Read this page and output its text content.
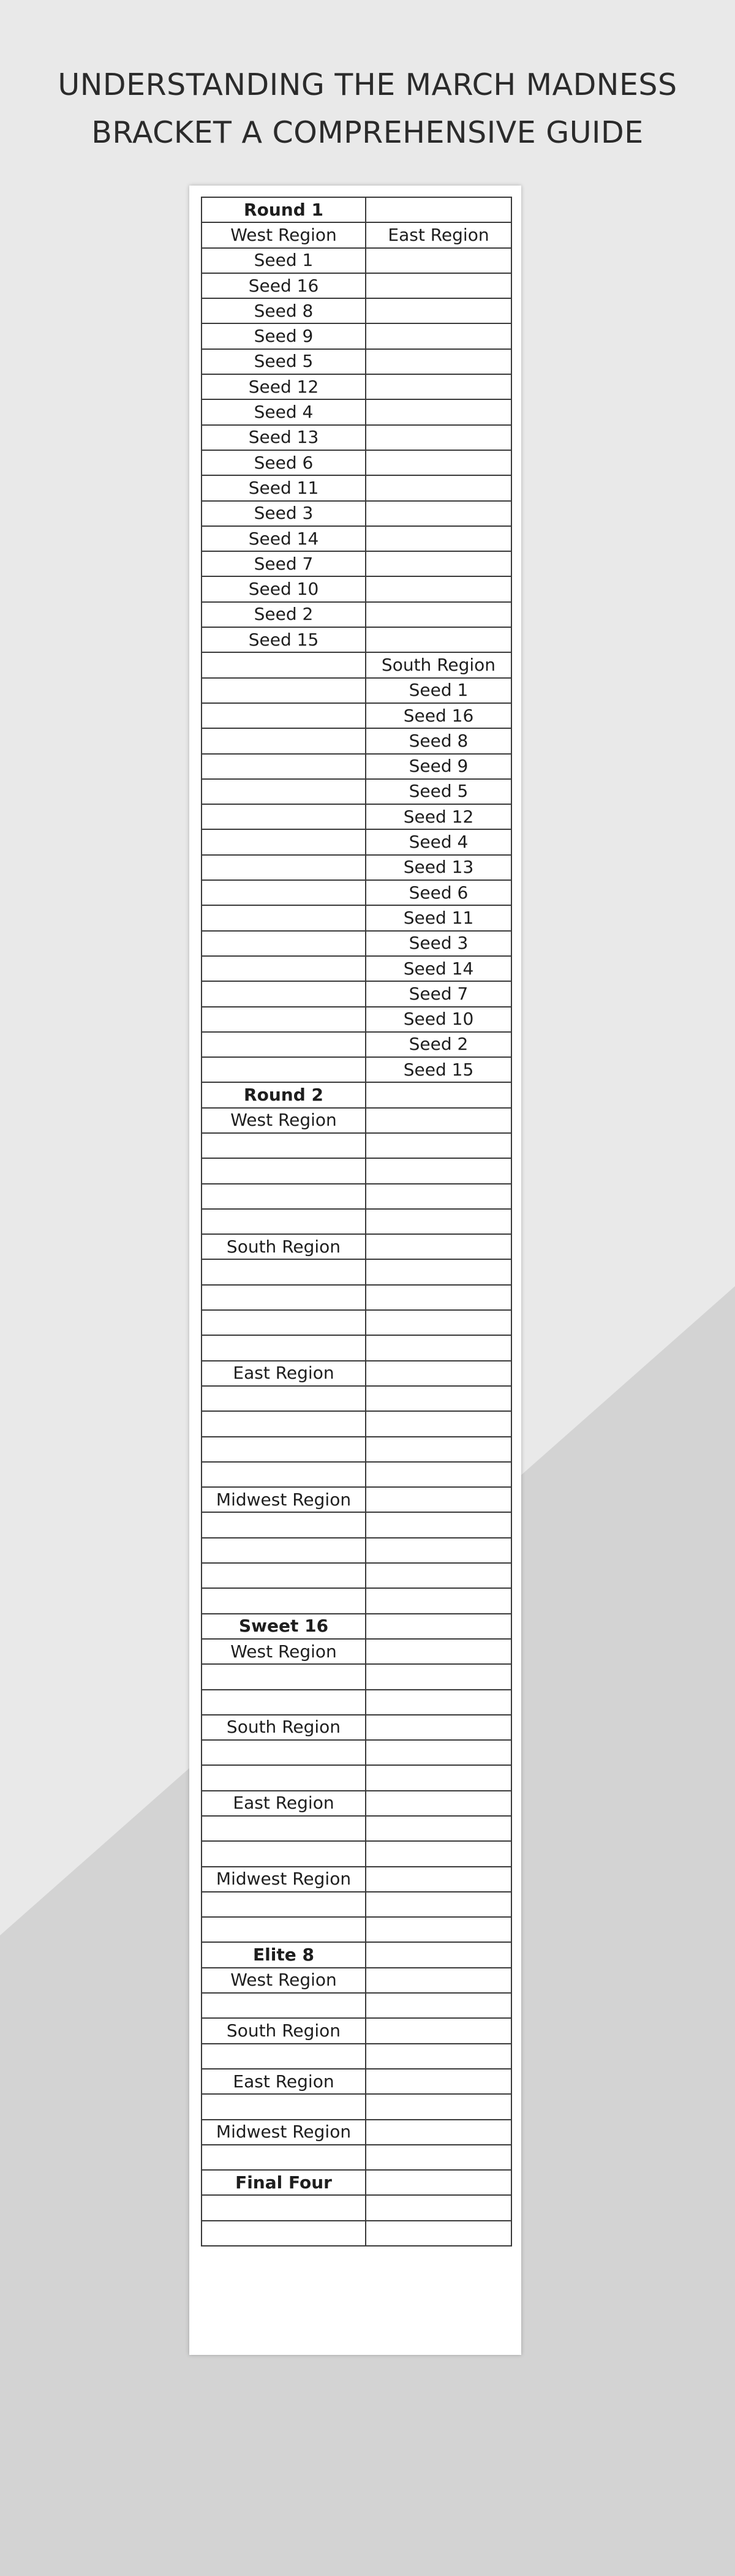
UNDERSTANDING THE MARCH MADNESS
BRACKET A COMPREHENSIVE GUIDE
Round 1	
West Region	East Region
Seed 1	
Seed 16	
Seed 8	
Seed 9	
Seed 5	
Seed 12	
Seed 4	
Seed 13	
Seed 6	
Seed 11	
Seed 3	
Seed 14	
Seed 7	
Seed 10	
Seed 2	
Seed 15	
	South Region
	Seed 1
	Seed 16
	Seed 8
	Seed 9
	Seed 5
	Seed 12
	Seed 4
	Seed 13
	Seed 6
	Seed 11
	Seed 3
	Seed 14
	Seed 7
	Seed 10
	Seed 2
	Seed 15
Round 2	
West Region	

South Region	

East Region	

Midwest Region	

Sweet 16	
West Region	

South Region	

East Region	

Midwest Region	

Elite 8	
West Region	

South Region	

East Region	

Midwest Region	

Final Four	
